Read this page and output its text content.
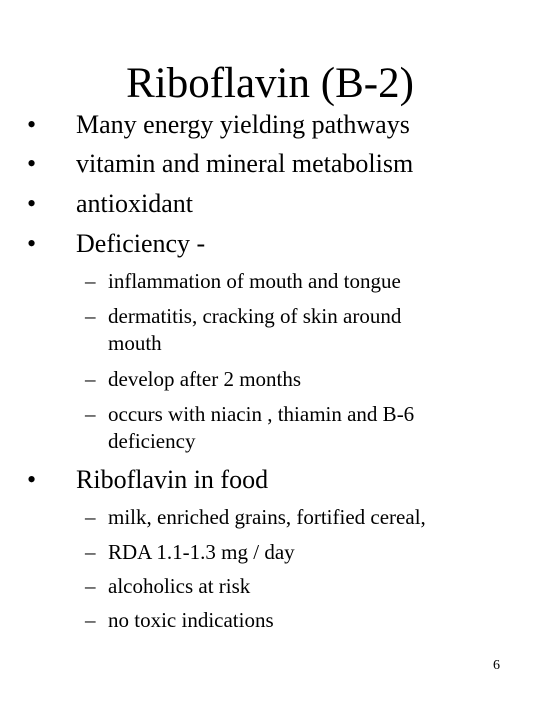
Riboflavin (B-2)
• Many energy yielding pathways
• vitamin and mineral metabolism
• antioxidant
• Deficiency -
– inflammation of mouth and tongue
– dermatitis, cracking of skin around
mouth
– develop after 2 months
– occurs with niacin , thiamin and B-6
deficiency
• Riboflavin in food
– milk, enriched grains, fortified cereal,
– RDA 1.1-1.3 mg / day
– alcoholics at risk
– no toxic indications
6
